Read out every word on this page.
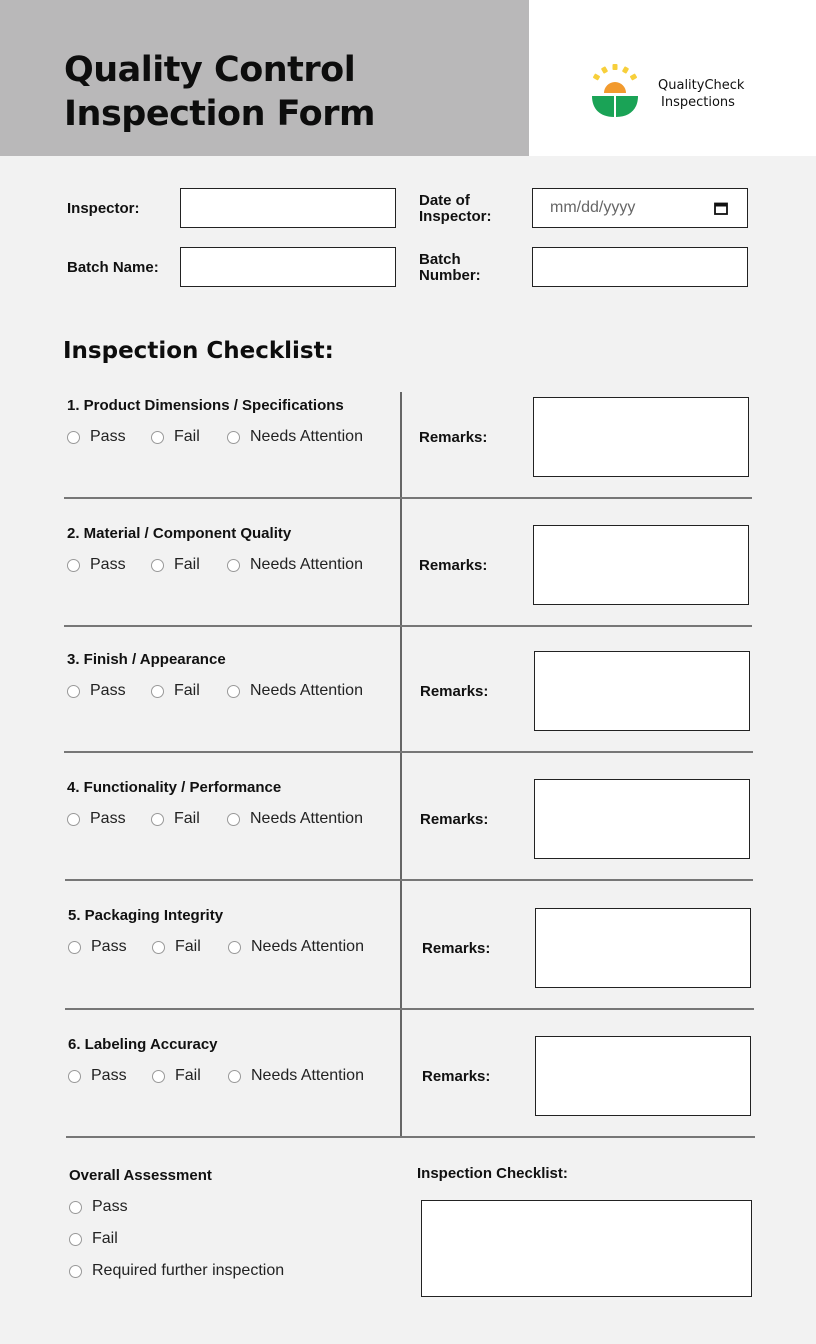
Quality Control
Inspection Form
QualityCheck
Inspections
Inspector:	Date of
Inspector:
mm/dd/yyyy
Batch Name:	Batch
Number:
Inspection Checklist:
1. Product Dimensions / Specifications
Pass	Fail	Needs Attention	Remarks:
2. Material / Component Quality
Pass	Fail	Needs Attention	Remarks:
3. Finish / Appearance
Pass	Fail	Needs Attention	Remarks:
4. Functionality / Performance
Pass	Fail	Needs Attention	Remarks:
5. Packaging Integrity
Pass	Fail	Needs Attention	Remarks:
6. Labeling Accuracy
Pass	Fail	Needs Attention	Remarks:
Overall Assessment
Pass
Fail
Required further inspection
Inspection Checklist:
